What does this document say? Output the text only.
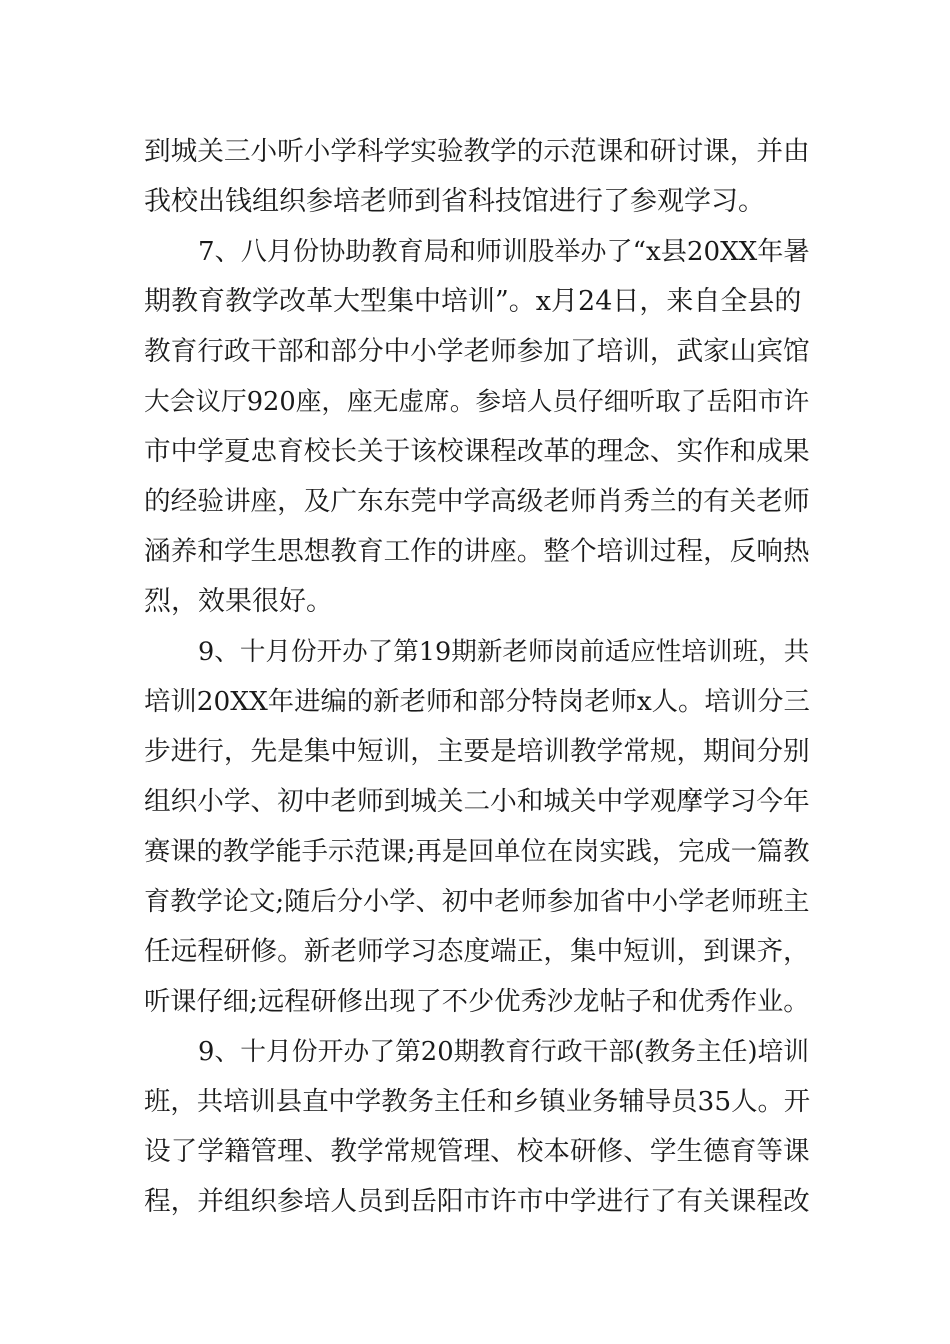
到城关三小听小学科学实验教学的示范课和研讨课，并由
我校出钱组织参培老师到省科技馆进行了参观学习。
7、八月份协助教育局和师训股举办了“x县20XX年暑
期教育教学改革大型集中培训”。x月24日，来自全县的
教育行政干部和部分中小学老师参加了培训，武家山宾馆
大会议厅920座，座无虚席。参培人员仔细听取了岳阳市许
市中学夏忠育校长关于该校课程改革的理念、实作和成果
的经验讲座，及广东东莞中学高级老师肖秀兰的有关老师
涵养和学生思想教育工作的讲座。整个培训过程，反响热
烈，效果很好。
9、十月份开办了第19期新老师岗前适应性培训班，共
培训20XX年进编的新老师和部分特岗老师x人。培训分三
步进行，先是集中短训，主要是培训教学常规，期间分别
组织小学、初中老师到城关二小和城关中学观摩学习今年
赛课的教学能手示范课;再是回单位在岗实践，完成一篇教
育教学论文;随后分小学、初中老师参加省中小学老师班主
任远程研修。新老师学习态度端正，集中短训，到课齐，
听课仔细;远程研修出现了不少优秀沙龙帖子和优秀作业。
9、十月份开办了第20期教育行政干部(教务主任)培训
班，共培训县直中学教务主任和乡镇业务辅导员35人。开
设了学籍管理、教学常规管理、校本研修、学生德育等课
程，并组织参培人员到岳阳市许市中学进行了有关课程改
